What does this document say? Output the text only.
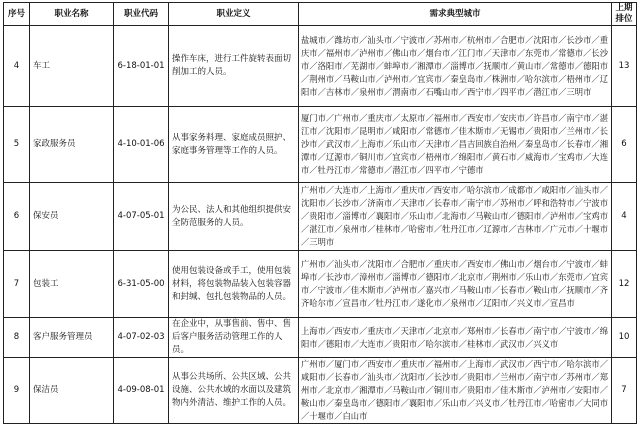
序号	职业名称	职业代码	职业定义	需求典型城市	上期排位
4	车工	6-18-01-01	操作车床，进行工件旋转表面切削加工的人员。	盐城市／潍坊市／汕头市／宁波市／苏州市／杭州市／合肥市／沈阳市／长沙市／重庆市／福州市／泸州市／佛山市／烟台市／江门市／天津市／东莞市／常德市／长沙市／洛阳市／芜湖市／蚌埠市／湘潭市／淄博市／抚顺市／黄山市／常德市／德阳市／荆州市／马鞍山市／泸州市／宜宾市／秦皇岛市／株洲市／哈尔滨市／梧州市／辽阳市／吉林市／泉州市／渭南市／石嘴山市／西宁市／四平市／潜江市／三明市	13
5	家政服务员	4-10-01-06	从事家务料理、家庭成员照护、家庭事务管理等工作的人员。	厦门市／广州市／重庆市／太原市／福州市／西安市／安庆市／许昌市／南宁市／湛江市／沈阳市／昆明市／咸阳市／常德市／佳木斯市／无锡市／贵阳市／兰州市／长沙市／武汉市／上海市／乐山市／天津市／昌吉回族自治州／秦皇岛市／长春市／湘潭市／辽源市／铜川市／宜宾市／梧州市／绵阳市／黄石市／威海市／宝鸡市／大连市／牡丹江市／常德市／潜江市／四平市／宁德市	6
6	保安员	4-07-05-01	为公民、法人和其他组织提供安全防范服务的人员。	广州市／大连市／上海市／重庆市／西安市／哈尔滨市／成都市／咸阳市／汕头市／沈阳市／长沙市／济南市／天津市／长春市／南宁市／苏州市／呼和浩特市／宁波市／贵阳市／淄博市／襄阳市／乐山市／北海市／马鞍山市／德阳市／泸州市／宝鸡市／湛江市／泉州市／桂林市／哈密市／牡丹江市／辽源市／吉林市／广元市／十堰市／三明市	4
7	包装工	6-31-05-00	使用包装设备或手工，使用包装材料，将包装物品装入包装容器和封缄、包扎包装物品的人员。	广州市／汕头市／沈阳市／合肥市／重庆市／西安市／佛山市／烟台市／宁波市／蚌埠市／长沙市／漳州市／淄博市／德阳市／北京市／荆州市／乐山市／东莞市／宜宾市／宁波市／佳木斯市／泸州市／嘉兴市／马鞍山市／长春市／鞍山市／抚顺市／齐齐哈尔市／宣昌市／牡丹江市／遂化市／泉州市／辽阳市／兴义市／宣昌市	12
8	客户服务管理员	4-07-02-03	在企业中，从事售前、售中、售后客户服务活动管理工作的人员。	上海市／西安市／重庆市／天津市／北京市／郑州市／长春市／南宁市／宁波市／绵阳市／德阳市／大连市／贵阳市／哈尔滨市／桂林市／武汉市／兴义市	10
9	保洁员	4-09-08-01	从事公共场所、公共区域、公共设施、公共水域的水面以及建筑物内外清洁、维护工作的人员。	广州市／厦门市／西安市／重庆市／福州市／上海市／武汉市／西宁市／哈尔滨市／咸阳市／长春市／汕头市／沈阳市／长沙市／贵阳市／兰州市／南宁市／苏州市／郑州市／北京市／湘潭市／马鞍山市／铜川市／贵阳市／佳木斯市／泸州市／安阳市／鞍山市／秦皇岛市／德阳市／襄阳市／乐山市／兴义市／牡丹江市／哈密市／大同市／十堰市／白山市	7
